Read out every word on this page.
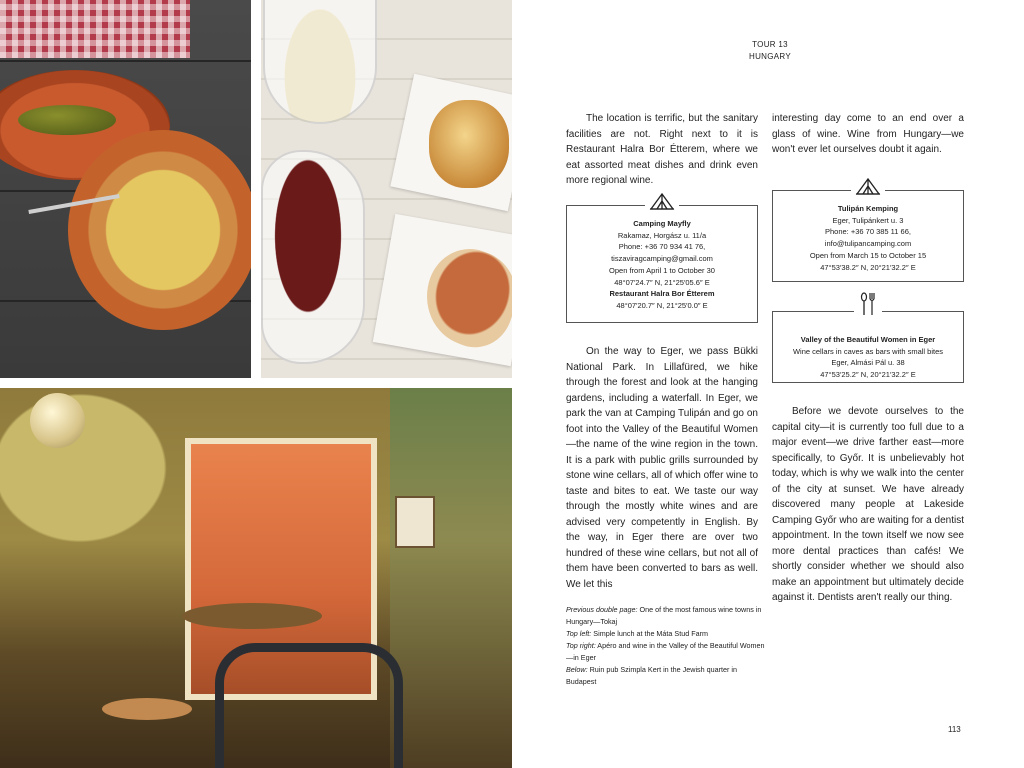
TOUR 13
HUNGARY

The location is terrific, but the sanitary facilities are not. Right next to it is Restaurant Halra Bor Étterem, where we eat assorted meat dishes and drink even more regional wine.

interesting day come to an end over a glass of wine. Wine from Hungary—we won't ever let ourselves doubt it again.

Camping Mayfly
Rakamaz, Horgász u. 11/a
Phone: +36 70 934 41 76,
tiszaviragcamping@gmail.com
Open from April 1 to October 30
48°07′24.7″ N, 21°25′05.6″ E
Restaurant Halra Bor Étterem
48°07′20.7″ N, 21°25′0.0″ E
Tulipán Kemping
Eger, Tulipánkert u. 3
Phone: +36 70 385 11 66,
info@tulipancamping.com
Open from March 15 to October 15
47°53′38.2″ N, 20°21′32.2″ E
Valley of the Beautiful Women in Eger
Wine cellars in caves as bars with small bites
Eger, Almási Pál u. 38
47°53′25.2″ N, 20°21′32.2″ E

On the way to Eger, we pass Bükki National Park. In Lillafüred, we hike through the forest and look at the hanging gardens, including a waterfall. In Eger, we park the van at Camping Tulipán and go on foot into the Valley of the Beautiful Women—the name of the wine region in the town. It is a park with public grills surrounded by stone wine cellars, all of which offer wine to taste and bites to eat. We taste our way through the mostly white wines and are advised very competently in English. By the way, in Eger there are over two hundred of these wine cellars, but not all of them have been converted to bars as well. We let this

Before we devote ourselves to the capital city—it is currently too full due to a major event—we drive farther east—more specifically, to Győr. It is unbelievably hot today, which is why we walk into the center of the city at sunset. We have already discovered many people at Lakeside Camping Győr who are waiting for a dentist appointment. In the town itself we now see more dental practices than cafés! We shortly consider whether we should also make an appointment but ultimately decide against it. Dentists aren't really our thing.

Previous double page: One of the most famous wine towns in Hungary—Tokaj
Top left: Simple lunch at the Máta Stud Farm
Top right: Apéro and wine in the Valley of the Beautiful Women—in Eger
Below: Ruin pub Szimpla Kert in the Jewish quarter in Budapest
113
